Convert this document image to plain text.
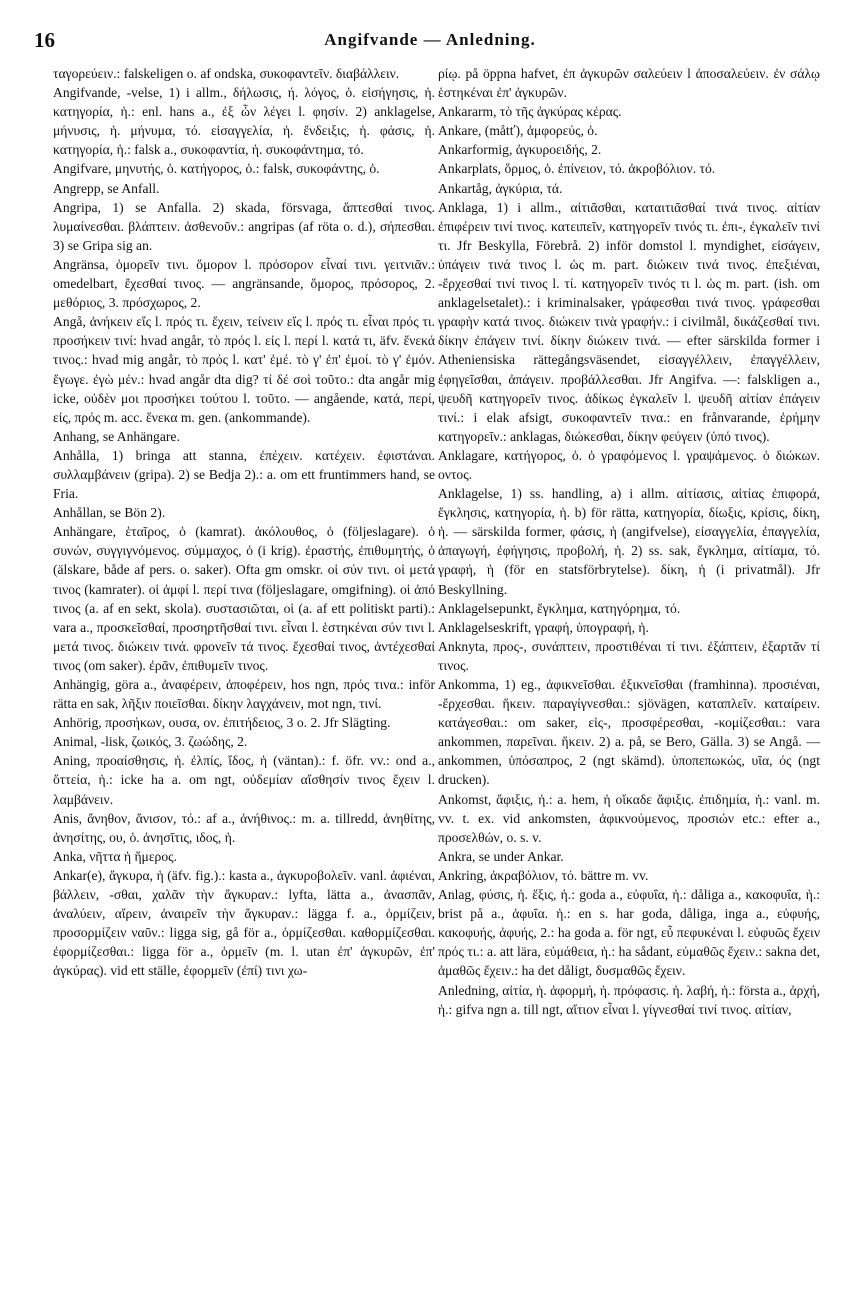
16	Angifvande — Anledning.

ταγορεύειν.: falskeligen o. af ondska, συκοφαντεῖν. διαβάλλειν.

Angifvande, -velse, 1) i allm., δήλωσις, ή. λόγος, ὁ. εἰσήγησις, ἡ. κατηγορία, ἡ.: enl. hans a., ἐξ ὧν λέγει l. φησίν. 2) anklagelse, μήνυσις, ἡ. μήνυμα, τό. εἰσαγγελία, ἡ. ἔνδειξις, ἡ. φάσις, ἡ. κατηγορία, ἡ.: falsk a., συκοφαντία, ἡ. συκοφάντημα, τό.

Angifvare, μηνυτής, ὁ. κατήγορος, ὁ.: falsk, συκοφάντης, ὁ.

Angrepp, se Anfall.

Angripa, 1) se Anfalla. 2) skada, försvaga, ἅπτεσθαί τινος. λυμαίνεσθαι. βλάπτειν. ἀσθενοῦν.: angripas (af röta o. d.), σήπεσθαι. 3) se Gripa sig an.

Angränsa, ὁμορεῖν τινι. ὅμορον l. πρόσορον εἶναί τινι. γειτνιᾶν.: omedelbart, ἔχεσθαί τινος. — angränsande, ὅμορος, πρόσορος, 2. μεθόριος, 3. πρόσχωρος, 2.

Angå, ἀνήκειν εἴς l. πρός τι. ἔχειν, τείνειν εἴς l. πρός τι. εἶναι πρός τι. προσήκειν τινί: hvad angår, τὸ πρός l. εἰς l. περί l. κατά τι, äfv. ἕνεκά τινος.: hvad mig angår, τὸ πρός l. κατ' ἐμέ. τὸ γ' ἐπ' ἐμοί. τὸ γ' ἐμόν. ἔγωγε. ἐγὼ μέν.: hvad angår dta dig? τί δέ σοὶ τοῦτο.: dta angår mig icke, οὐδὲν μοι προσήκει τούτου l. τοῦτο. — angående, κατά, περί, εἰς, πρός m. acc. ἕνεκα m. gen. (ankommande).

Anhang, se Anhängare.

Anhålla, 1) bringa att stanna, ἐπέχειν. κατέχειν. ἐφιστάναι. συλλαμβάνειν (gripa). 2) se Bedja 2).: a. om ett fruntimmers hand, se Fria.

Anhållan, se Bön 2).

Anhängare, ἑταῖρος, ὁ (kamrat). ἀκόλουθος, ὁ (följeslagare). ὁ συνών, συγγιγνόμενος. σύμμαχος, ὁ (i krig). ἐραστής, ἐπιθυμητής, ὁ (älskare, både af pers. o. saker). Ofta gm omskr. οἱ σύν τινι. οἱ μετά τινος (kamrater). οἱ ἀμφί l. περί τινα (följeslagare, omgifning). οἱ ἀπό τινος (a. af en sekt, skola). συστασιῶται, οἱ (a. af ett politiskt parti).: vara a., προσκεῖσθαί, προσηρτῆσθαί τινι. εἶναι l. ἑστηκέναι σύν τινι l. μετά τινος. διώκειν τινά. φρονεῖν τά τινος. ἔχεσθαί τινος, ἀντέχεσθαί τινος (om saker). ἐρᾶν, ἐπιθυμεῖν τινος.

Anhängig, göra a., ἀναφέρειν, ἀποφέρειν, hos ngn, πρός τινα.: inför rätta en sak, λῆξιν ποιεῖσθαι. δίκην λαγχάνειν, mot ngn, τινί.

Anhörig, προσήκων, ουσα, ον. ἐπιτήδειος, 3 o. 2. Jfr Slägting.

Animal, -lisk, ζωικός, 3. ζωώδης, 2.

Aning, προαίσθησις, ἡ. ἐλπίς, ἴδος, ἡ (väntan).: f. öfr. vv.: ond a., ὄττεία, ἡ.: icke ha a. om ngt, οὐδεμίαν αἴσθησίν τινος ἔχειν l. λαμβάνειν.

Anis, ἄνηθον, ἄνισον, τό.: af a., ἀνήθινος.: m. a. tillredd, ἀνηθίτης, ἀνησίτης, ου, ὁ. ἀνησῖτις, ιδος, ἡ.

Anka, νῆττα ἡ ἥμερος.

Ankar(e), ἄγκυρα, ἡ (äfv. fig.).: kasta a., ἀγκυροβολεῖν. vanl. ἀφιέναι, βάλλειν, -σθαι, χαλᾶν τὴν ἄγκυραν.: lyfta, lätta a., ἀνασπᾶν, ἀναλύειν, αἴρειν, ἀναιρεῖν τὴν ἄγκυραν.: lägga f. a., ὁρμίζειν, προσορμίζειν ναῦν.: ligga sig, gå för a., ὁρμίζεσθαι. καθορμίζεσθαι. ἐφορμίζεσθαι.: ligga för a., ὁρμεῖν (m. l. utan ἐπ' ἀγκυρῶν, ἐπ' ἀγκύρας). vid ett ställe, ἐφορμεῖν (ἐπί) τινι χω-

ρίῳ. på öppna hafvet, ἐπ ἀγκυρῶν σαλεύειν l ἀποσαλεύειν. ἐν σάλῳ ἑστηκέναι ἐπ' ἀγκυρῶν.

Ankararm, τὸ τῆς ἀγκύρας κέρας.

Ankare, (måtť), ἀμφορεύς, ὁ.

Ankarformig, ἀγκυροειδής, 2.

Ankarplats, ὅρμος, ὁ. ἐπίνειον, τό. ἀκροβόλιον. τό.

Ankartåg, ἀγκύρια, τά.

Anklaga, 1) i allm., αἰτιᾶσθαι, καταιτιᾶσθαί τινά τινος. αἰτίαν ἐπιφέρειν τινί τινος. κατειπεῖν, κατηγορεῖν τινός τι. ἐπι-, ἐγκαλεῖν τινί τι. Jfr Beskylla, Förebrå. 2) inför domstol l. myndighet, εἰσάγειν, ὑπάγειν τινά τινος l. ὡς m. part. διώκειν τινά τινος. ἐπεξιέναι, -ἔρχεσθαί τινί τινος l. τί. κατηγορεῖν τινός τι l. ὡς m. part. (ish. om anklagelsetalet).: i kriminalsaker, γράφεσθαι τινά τινος. γράφεσθαι γραφὴν κατά τινος. διώκειν τινὰ γραφήν.: i civilmål, δικάζεσθαί τινι. δίκην ἐπάγειν τινί. δίκην διώκειν τινά. — efter särskilda former i Atheniensiska rättegångsväsendet, εἰσαγγέλλειν, ἐπαγγέλλειν, ἐφηγεῖσθαι, ἀπάγειν. προβάλλεσθαι. Jfr Angifva. —: falskligen a., ψευδῆ κατηγορεῖν τινος. ἀδίκως ἐγκαλεῖν l. ψευδῆ αἰτίαν ἐπάγειν τινί.: i elak afsigt, συκοφαντεῖν τινα.: en frånvarande, ἐρήμην κατηγορεῖν.: anklagas, διώκεσθαι, δίκην φεύγειν (ὑπό τινος).

Anklagare, κατήγορος, ὁ. ὁ γραφόμενος l. γραψάμενος. ὁ διώκων. οντος.

Anklagelse, 1) ss. handling, a) i allm. αἰτίασις, αἰτίας ἐπιφορά, ἔγκλησις, κατηγορία, ἡ. b) för rätta, κατηγορία, δίωξις, κρίσις, δίκη, ἡ. — särskilda former, φάσις, ἡ (angifvelse), εἰσαγγελία, ἐπαγγελία, ἀπαγωγή, ἐφήγησις, προβολή, ἡ. 2) ss. sak, ἔγκλημα, αἰτίαμα, τό. γραφή, ἡ (för en statsförbrytelse). δίκη, ἡ (i privatmål). Jfr Beskyllning.

Anklagelsepunkt, ἔγκλημα, κατηγόρημα, τό.

Anklagelseskrift, γραφή, ὑπογραφή, ἡ.

Anknyta, προς-, συνάπτειν, προστιθέναι τί τινι. ἐξάπτειν, ἐξαρτᾶν τί τινος.

Ankomma, 1) eg., ἀφικνεῖσθαι. ἐξικνεῖσθαι (framhinna). προσιέναι, -ἔρχεσθαι. ἥκειν. παραγίγνεσθαι.: sjövägen, καταπλεῖν. καταίρειν. κατάγεσθαι.: om saker, εἰς-, προσφέρεσθαι, -κομίζεσθαι.: vara ankommen, παρεῖναι. ἥκειν. 2) a. på, se Bero, Gälla. 3) se Angå. — ankommen, ὑπόσαπρος, 2 (ngt skämd). ὑποπεπωκώς, υῖα, ός (ngt drucken).

Ankomst, ἄφιξις, ἡ.: a. hem, ἡ οἴκαδε ἄφιξις. ἐπιδημία, ἡ.: vanl. m. vv. t. ex. vid ankomsten, ἀφικνούμενος, προσιών etc.: efter a., προσελθών, o. s. v.

Ankra, se under Ankar.

Ankring, ἀκραβόλιον, τό. bättre m. vv.

Anlag, φύσις, ἡ. ἕξις, ἡ.: goda a., εὐφυΐα, ἡ.: dåliga a., κακοφυΐα, ἡ.: brist på a., ἀφυΐα. ἡ.: en s. har goda, dåliga, inga a., εὐφυής, κακοφυής, ἀφυής, 2.: ha goda a. för ngt, εὖ πεφυκέναι l. εὐφυῶς ἔχειν πρός τι.: a. att lära, εὐμάθεια, ἡ.: ha sådant, εὐμαθῶς ἔχειν.: sakna det, ἀμαθῶς ἔχειν.: ha det dåligt, δυσμαθῶς ἔχειν.

Anledning, αἰτία, ἡ. ἀφορμή, ἡ. πρόφασις. ἡ. λαβή, ἡ.: första a., ἀρχή, ἡ.: gifva ngn a. till ngt, αἴτιον εἶναι l. γίγνεσθαί τινί τινος. αἰτίαν,
